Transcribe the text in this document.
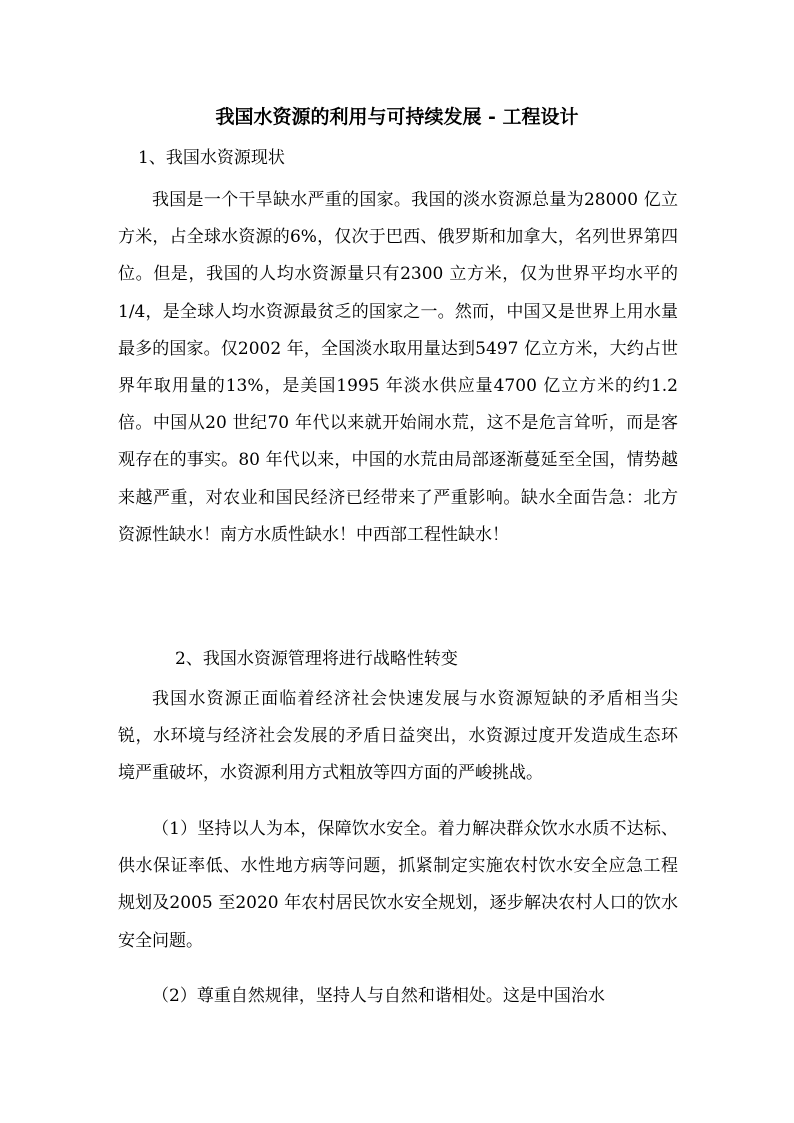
我国水资源的利用与可持续发展 - 工程设计
1、我国水资源现状

我国是一个干旱缺水严重的国家。我国的淡水资源总量为28000 亿立方米，占全球水资源的6%，仅次于巴西、俄罗斯和加拿大，名列世界第四位。但是，我国的人均水资源量只有2300 立方米，仅为世界平均水平的1/4，是全球人均水资源最贫乏的国家之一。然而，中国又是世界上用水量最多的国家。仅2002 年，全国淡水取用量达到5497 亿立方米，大约占世界年取用量的13%，是美国1995 年淡水供应量4700 亿立方米的约1.2 倍。中国从20 世纪70 年代以来就开始闹水荒，这不是危言耸听，而是客观存在的事实。80 年代以来，中国的水荒由局部逐渐蔓延至全国，情势越来越严重，对农业和国民经济已经带来了严重影响。缺水全面告急：北方资源性缺水！南方水质性缺水！中西部工程性缺水！

2、我国水资源管理将进行战略性转变

我国水资源正面临着经济社会快速发展与水资源短缺的矛盾相当尖锐，水环境与经济社会发展的矛盾日益突出，水资源过度开发造成生态环境严重破坏，水资源利用方式粗放等四方面的严峻挑战。

（1）坚持以人为本，保障饮水安全。着力解决群众饮水水质不达标、供水保证率低、水性地方病等问题，抓紧制定实施农村饮水安全应急工程规划及2005 至2020 年农村居民饮水安全规划，逐步解决农村人口的饮水安全问题。

（2）尊重自然规律，坚持人与自然和谐相处。这是中国治水
